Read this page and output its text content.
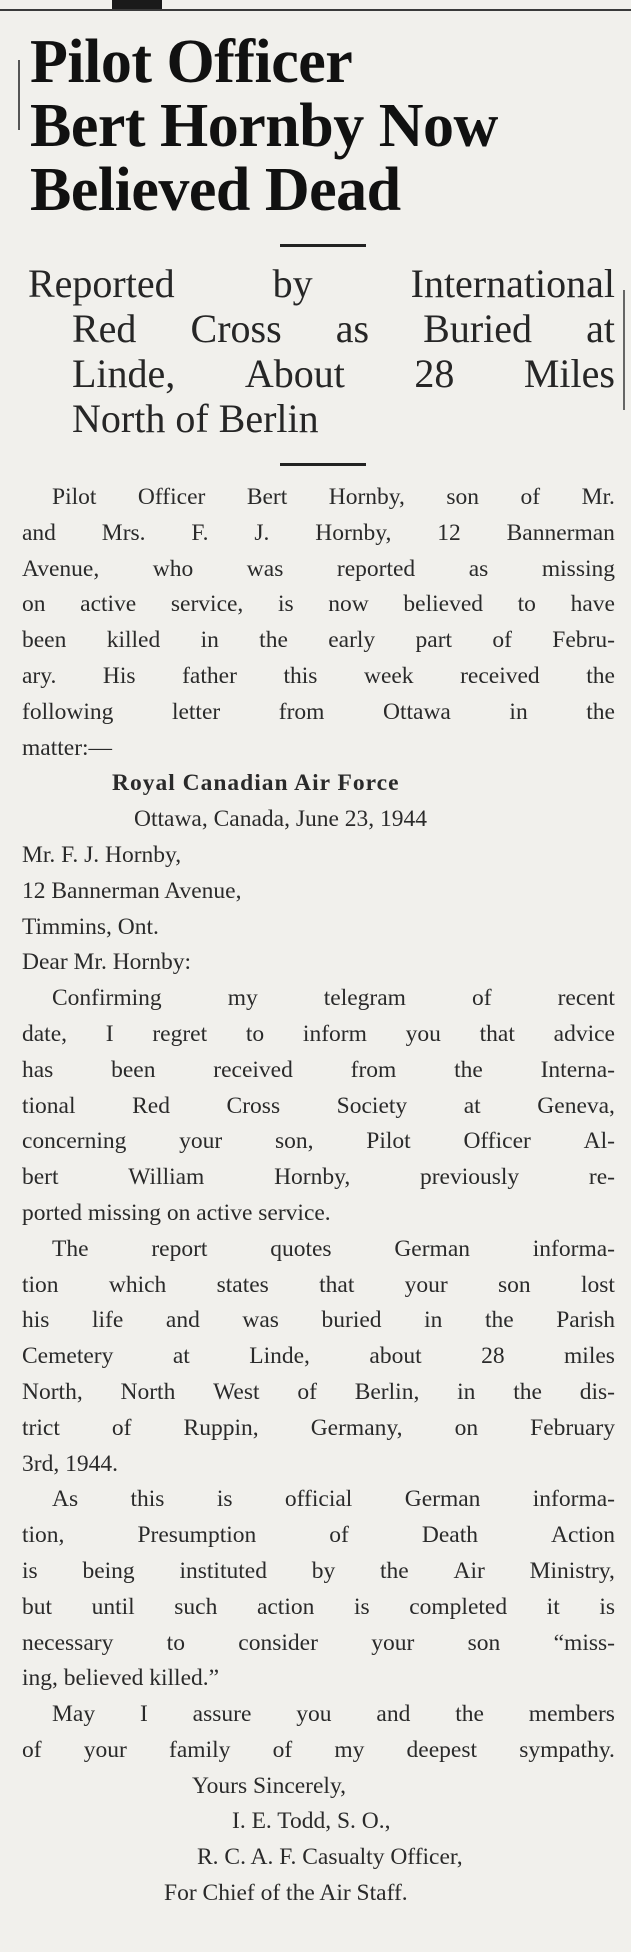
Pilot Officer
Bert Hornby Now
Believed Dead
Reported by International
Red Cross as Buried at
Linde, About 28 Miles
North of Berlin
Pilot Officer Bert Hornby, son of Mr.
and Mrs. F. J. Hornby, 12 Bannerman
Avenue, who was reported as missing
on active service, is now believed to have
been killed in the early part of Febru-
ary. His father this week received the
following letter from Ottawa in the
matter:—
Royal Canadian Air Force
Ottawa, Canada, June 23, 1944
Mr. F. J. Hornby,
12 Bannerman Avenue,
Timmins, Ont.
Dear Mr. Hornby:
Confirming	my	telegram	of	recent
date, I regret to inform you that advice
has been received from the Interna-
tional Red Cross Society at Geneva,
concerning your son, Pilot Officer Al-
bert	William	Hornby,	previously	re-
ported missing on active service.
The	report	quotes	German	informa-
tion which states that your son lost
his life and was buried in the Parish
Cemetery	at	Linde,	about	28	miles
North, North West of Berlin, in the dis-
trict of Ruppin, Germany, on February
3rd, 1944.
As this is official German informa-
tion,	Presumption	of	Death	Action
is being instituted by the Air Ministry,
but until such action is completed it is
necessary to consider your son “miss-
ing, believed killed.”
May I assure you and the members
of your family of my deepest sympathy.
Yours Sincerely,
I. E. Todd, S. O.,
R. C. A. F. Casualty Officer,
For Chief of the Air Staff.
